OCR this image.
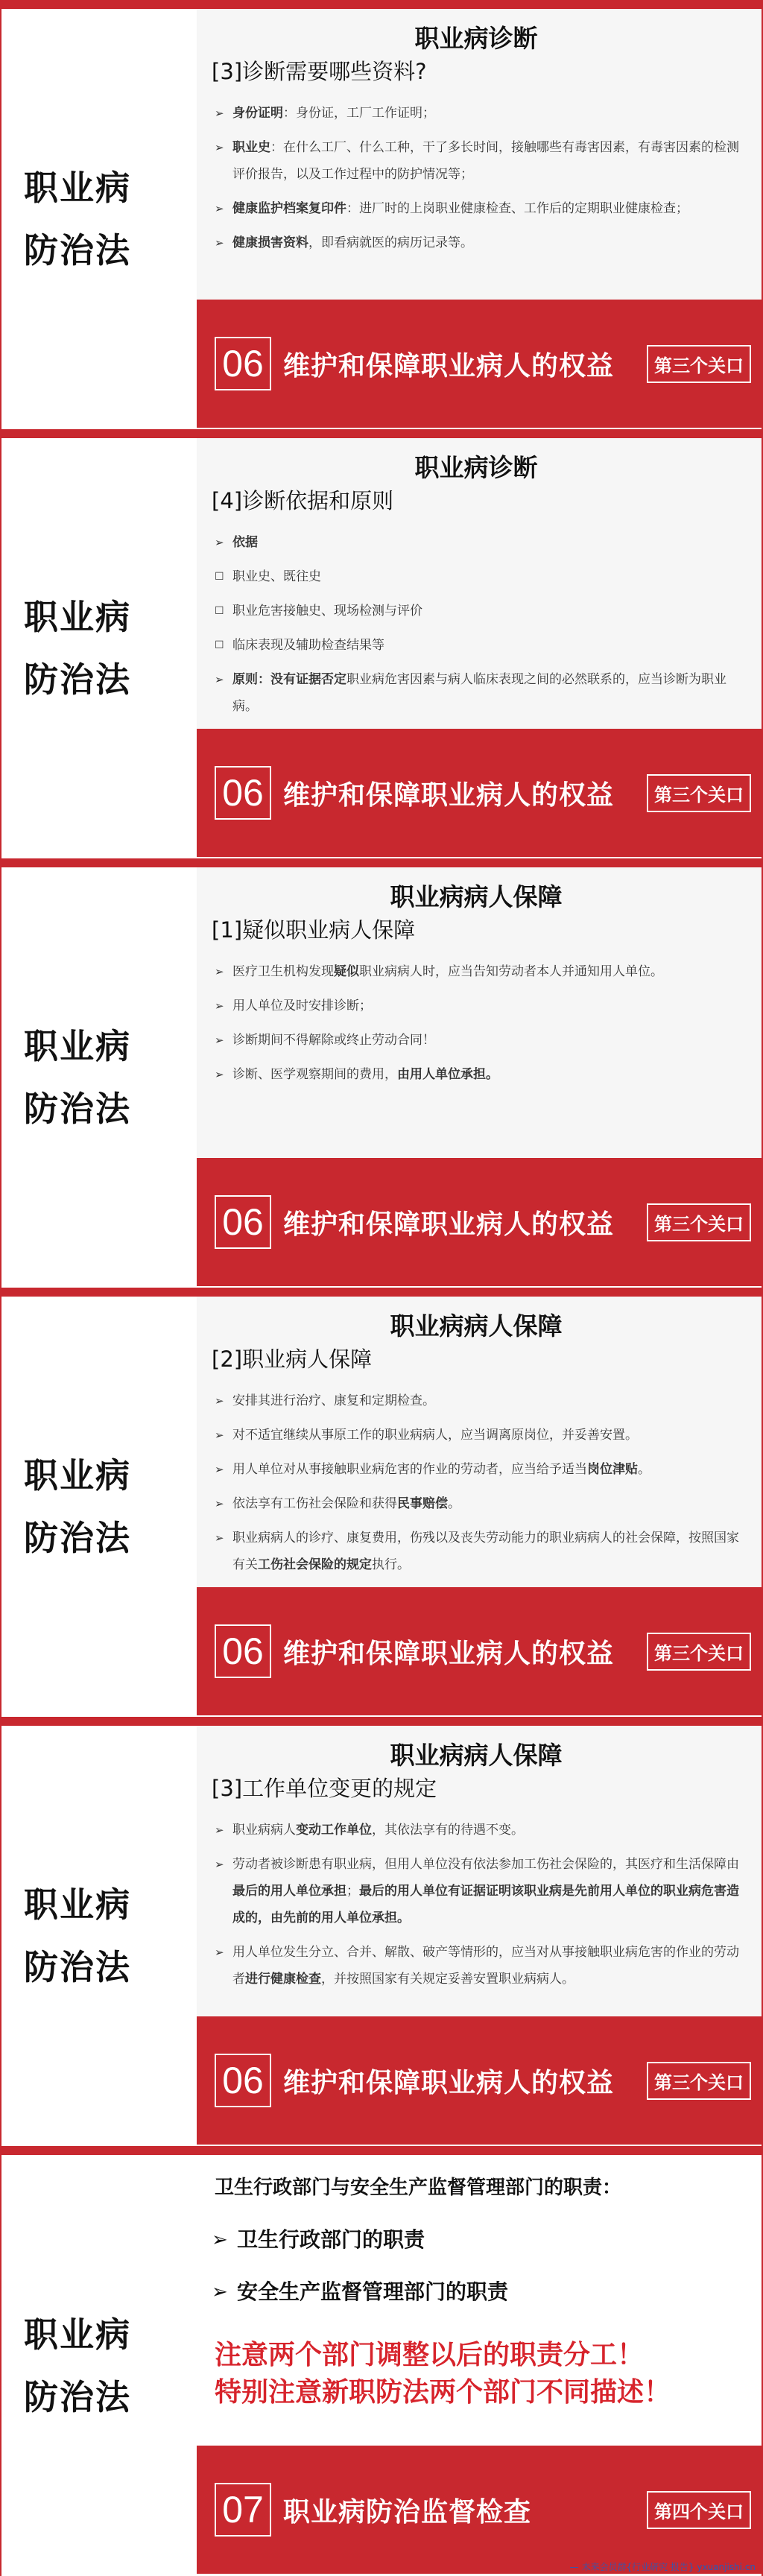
职业病
防治法
职业病诊断
[3]诊断需要哪些资料?
➢ 身份证明：身份证，工厂工作证明；
➢ 职业史：在什么工厂、什么工种，干了多长时间，接触哪些有毒害因素，有毒害因素的检测评价报告，以及工作过程中的防护情况等；
➢ 健康监护档案复印件：进厂时的上岗职业健康检查、工作后的定期职业健康检查；
➢ 健康损害资料，即看病就医的病历记录等。
06 维护和保障职业病人的权益	第三个关口
职业病
防治法
职业病诊断
[4]诊断依据和原则
➢ 依据
☐ 职业史、既往史
☐ 职业危害接触史、现场检测与评价
☐ 临床表现及辅助检查结果等
➢ 原则：没有证据否定职业病危害因素与病人临床表现之间的必然联系的，应当诊断为职业病。
06 维护和保障职业病人的权益	第三个关口
职业病
防治法
职业病病人保障
[1]疑似职业病人保障
➢ 医疗卫生机构发现疑似职业病病人时，应当告知劳动者本人并通知用人单位。
➢ 用人单位及时安排诊断；
➢ 诊断期间不得解除或终止劳动合同！
➢ 诊断、医学观察期间的费用，由用人单位承担。
06 维护和保障职业病人的权益	第三个关口
职业病
防治法
职业病病人保障
[2]职业病人保障
➢ 安排其进行治疗、康复和定期检查。
➢ 对不适宜继续从事原工作的职业病病人，应当调离原岗位，并妥善安置。
➢ 用人单位对从事接触职业病危害的作业的劳动者，应当给予适当岗位津贴。
➢ 依法享有工伤社会保险和获得民事赔偿。
➢ 职业病病人的诊疗、康复费用，伤残以及丧失劳动能力的职业病病人的社会保障，按照国家有关工伤社会保险的规定执行。
06 维护和保障职业病人的权益	第三个关口
职业病
防治法
职业病病人保障
[3]工作单位变更的规定
➢ 职业病病人变动工作单位，其依法享有的待遇不变。
➢ 劳动者被诊断患有职业病，但用人单位没有依法参加工伤社会保险的，其医疗和生活保障由最后的用人单位承担；最后的用人单位有证据证明该职业病是先前用人单位的职业病危害造成的，由先前的用人单位承担。
➢ 用人单位发生分立、合并、解散、破产等情形的，应当对从事接触职业病危害的作业的劳动者进行健康检查，并按照国家有关规定妥善安置职业病病人。
06 维护和保障职业病人的权益	第三个关口
职业病
防治法
卫生行政部门与安全生产监督管理部门的职责：
➢ 卫生行政部门的职责
➢ 安全生产监督管理部门的职责
注意两个部门调整以后的职责分工！
特别注意新职防法两个部门不同描述！
07 职业病防治监督检查	第四个关口
— 未来会员群{行业研究 报告} yxuanjishi.cn
